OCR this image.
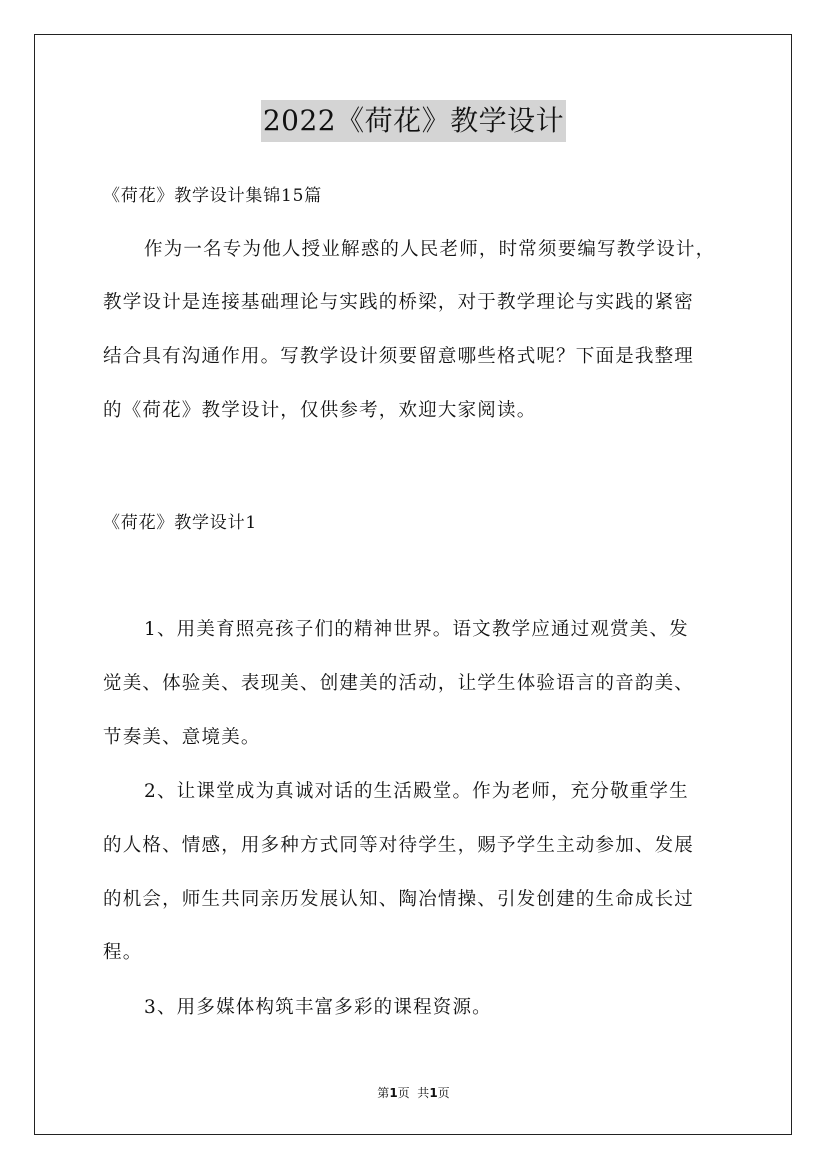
2022《荷花》教学设计
《荷花》教学设计集锦15篇
作为一名专为他人授业解惑的人民老师，时常须要编写教学设计，
教学设计是连接基础理论与实践的桥梁，对于教学理论与实践的紧密
结合具有沟通作用。写教学设计须要留意哪些格式呢？下面是我整理
的《荷花》教学设计，仅供参考，欢迎大家阅读。
《荷花》教学设计1
1、用美育照亮孩子们的精神世界。语文教学应通过观赏美、发
觉美、体验美、表现美、创建美的活动，让学生体验语言的音韵美、
节奏美、意境美。
2、让课堂成为真诚对话的生活殿堂。作为老师，充分敬重学生
的人格、情感，用多种方式同等对待学生，赐予学生主动参加、发展
的机会，师生共同亲历发展认知、陶冶情操、引发创建的生命成长过
程。
3、用多媒体构筑丰富多彩的课程资源。
第1页  共1页
